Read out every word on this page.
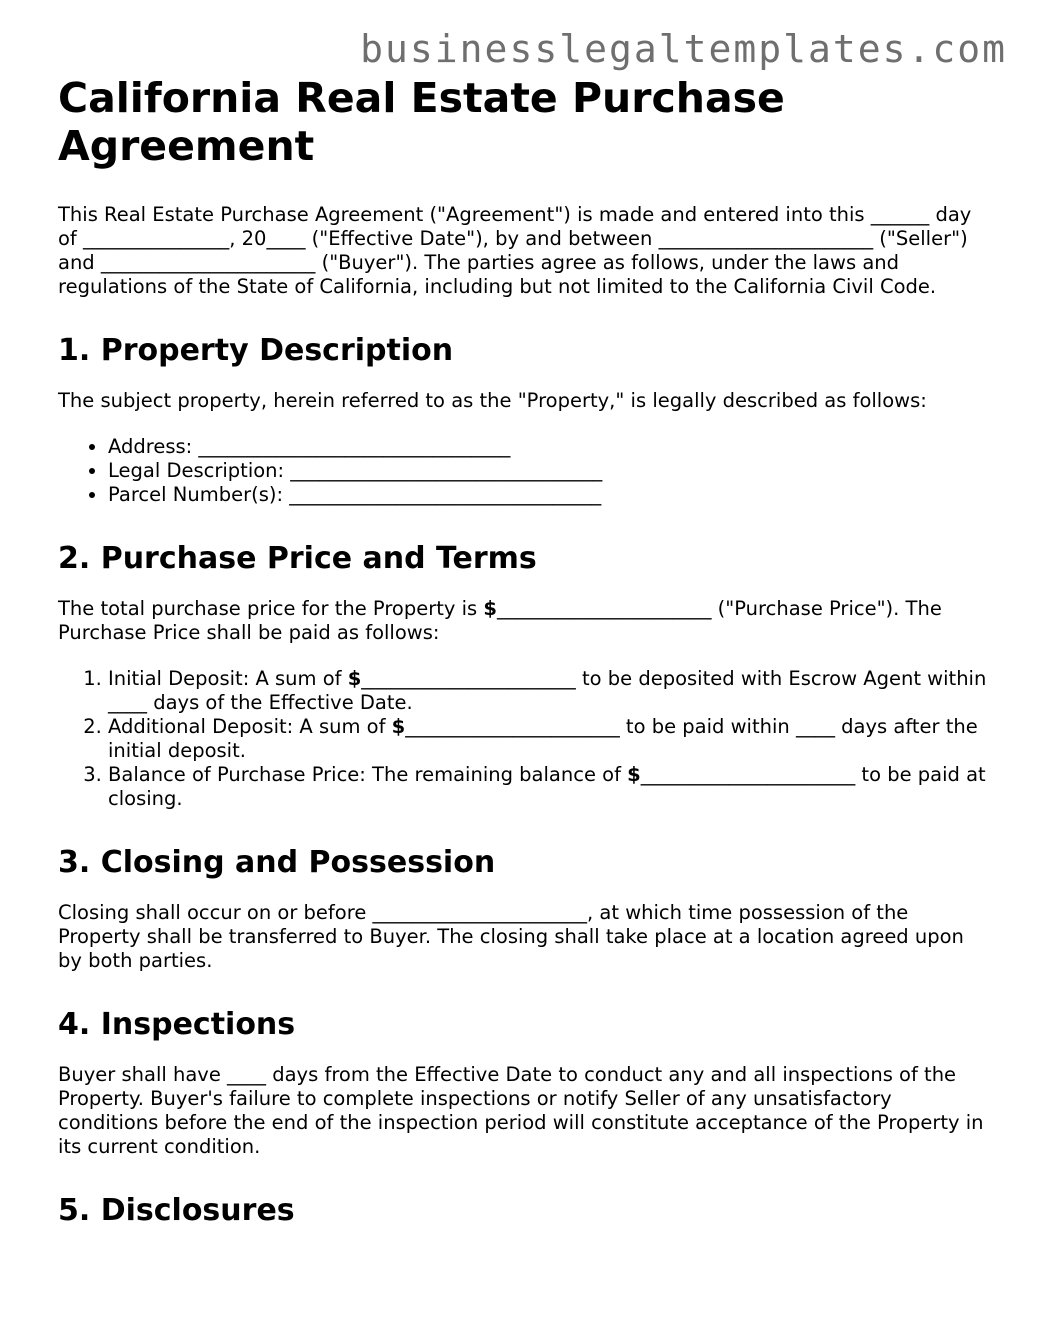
businesslegaltemplates.com
California Real Estate Purchase Agreement

This Real Estate Purchase Agreement ("Agreement") is made and entered into this ______ day of _______________, 20____ ("Effective Date"), by and between ______________________ ("Seller") and ______________________ ("Buyer"). The parties agree as follows, under the laws and regulations of the State of California, including but not limited to the California Civil Code.

1. Property Description

The subject property, herein referred to as the "Property," is legally described as follows:

• Address: ________________________________
• Legal Description: ________________________________
• Parcel Number(s): ________________________________
2. Purchase Price and Terms

The total purchase price for the Property is $______________________ ("Purchase Price"). The Purchase Price shall be paid as follows:

1. Initial Deposit: A sum of $______________________ to be deposited with Escrow Agent within ____ days of the Effective Date.
2. Additional Deposit: A sum of $______________________ to be paid within ____ days after the initial deposit.
3. Balance of Purchase Price: The remaining balance of $______________________ to be paid at closing.
3. Closing and Possession

Closing shall occur on or before ______________________, at which time possession of the Property shall be transferred to Buyer. The closing shall take place at a location agreed upon by both parties.

4. Inspections

Buyer shall have ____ days from the Effective Date to conduct any and all inspections of the Property. Buyer's failure to complete inspections or notify Seller of any unsatisfactory conditions before the end of the inspection period will constitute acceptance of the Property in its current condition.

5. Disclosures
